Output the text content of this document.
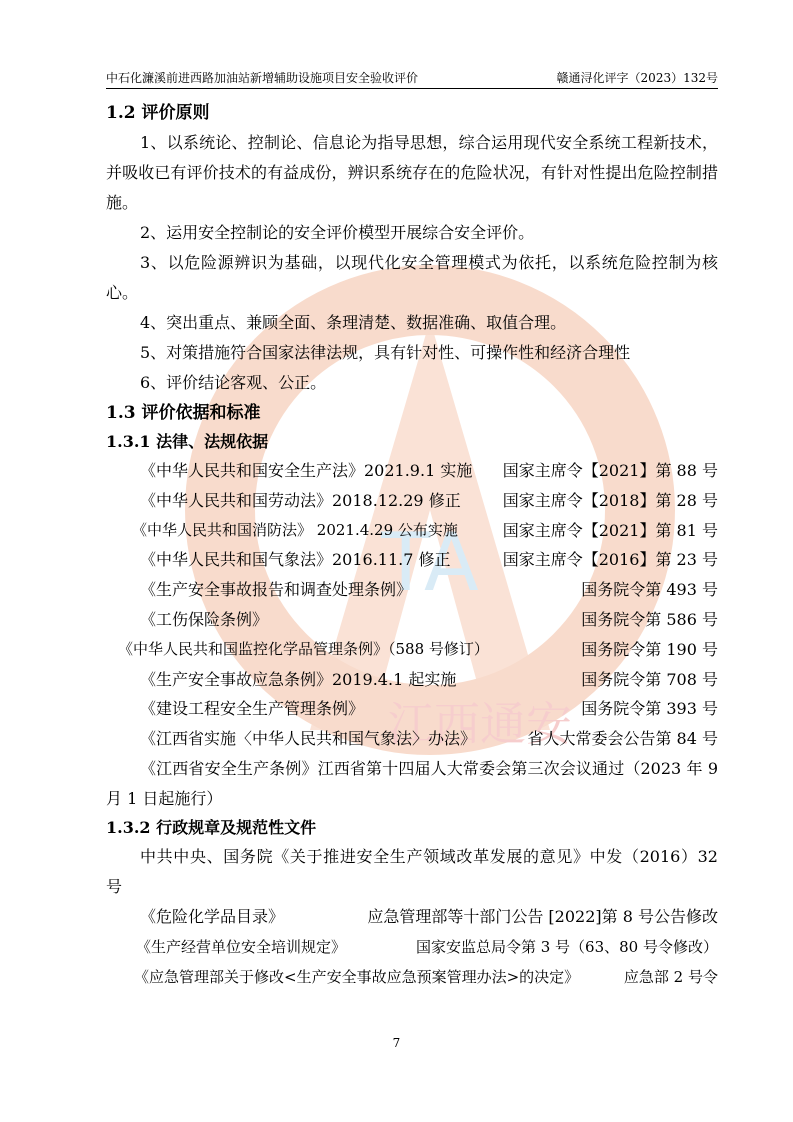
中石化濂溪前进西路加油站新增辅助设施项目安全验收评价	赣通浔化评字（2023）132号
TA
江西通安

1.2 评价原则

1、以系统论、控制论、信息论为指导思想，综合运用现代安全系统工程新技术，并吸收已有评价技术的有益成份，辨识系统存在的危险状况，有针对性提出危险控制措施。

2、运用安全控制论的安全评价模型开展综合安全评价。

3、以危险源辨识为基础，以现代化安全管理模式为依托，以系统危险控制为核心。

4、突出重点、兼顾全面、条理清楚、数据准确、取值合理。

5、对策措施符合国家法律法规，具有针对性、可操作性和经济合理性

6、评价结论客观、公正。

1.3 评价依据和标准

1.3.1 法律、法规依据

《中华人民共和国安全生产法》2021.9.1 实施 国家主席令【2021】第 88 号
《中华人民共和国劳动法》2018.12.29 修正	国家主席令【2018】第 28 号
《中华人民共和国消防法》 2021.4.29 公布实施	国家主席令【2021】第 81 号
《中华人民共和国气象法》2016.11.7 修正	国家主席令【2016】第 23 号
《生产安全事故报告和调查处理条例》	国务院令第 493 号
《工伤保险条例》	国务院令第 586 号
《中华人民共和国监控化学品管理条例》（588 号修订）	国务院令第 190 号
《生产安全事故应急条例》2019.4.1 起实施	国务院令第 708 号
《建设工程安全生产管理条例》	国务院令第 393 号
《江西省实施〈中华人民共和国气象法〉办法》	省人大常委会公告第 84 号

《江西省安全生产条例》江西省第十四届人大常委会第三次会议通过（2023 年 9 月 1 日起施行）

1.3.2 行政规章及规范性文件

中共中央、国务院《关于推进安全生产领域改革发展的意见》中发（2016）32 号

《危险化学品目录》	应急管理部等十部门公告 [2022]第 8 号公告修改
《生产经营单位安全培训规定》	国家安监总局令第 3 号（63、80 号令修改）
《应急管理部关于修改<生产安全事故应急预案管理办法>的决定》	应急部 2 号令
7
